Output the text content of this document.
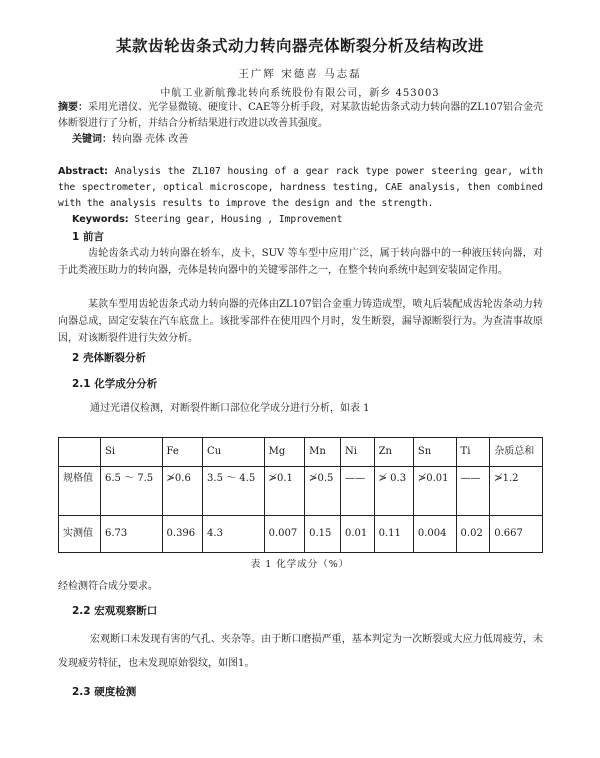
某款齿轮齿条式动力转向器壳体断裂分析及结构改进
王广辉 宋德喜 马志磊
中航工业新航豫北转向系统股份有限公司，新乡 453003
摘要：采用光谱仪、光学显微镜、硬度计、CAE等分析手段，对某款齿轮齿条式动力转向器的ZL107铝合金壳体断裂进行了分析，并结合分析结果进行改进以改善其强度。
关键词：转向器 壳体 改善
Abstract: Analysis the ZL107 housing of a gear rack type power steering gear, with the spectrometer, optical microscope, hardness testing, CAE analysis, then combined with the analysis results to improve the design and the strength.
Keywords: Steering gear, Housing , Improvement
1 前言
齿轮齿条式动力转向器在轿车，皮卡，SUV 等车型中应用广泛，属于转向器中的一种液压转向器，对于此类液压助力的转向器，壳体是转向器中的关键零部件之一，在整个转向系统中起到安装固定作用。
某款车型用齿轮齿条式动力转向器的壳体由ZL107铝合金重力铸造成型，喷丸后装配成齿轮齿条动力转向器总成，固定安装在汽车底盘上。该批零部件在使用四个月时，发生断裂，漏导源断裂行为。为查清事故原因，对该断裂件进行失效分析。
2 壳体断裂分析
2.1 化学成分分析
通过光谱仪检测，对断裂件断口部位化学成分进行分析，如表 1
	Si	Fe	Cu	Mg	Mn	Ni	Zn	Sn	Ti	杂质总和
规格值	6.5 ～ 7.5	≯0.6	3.5 ～ 4.5	≯0.1	≯0.5	——	≯ 0.3	≯0.01	——	≯1.2
实测值	6.73	0.396	4.3	0.007	0.15	0.01	0.11	0.004	0.02	0.667
表 1 化学成分（%）
经检测符合成分要求。
2.2 宏观观察断口
宏观断口未发现有害的气孔、夹杂等。由于断口磨损严重，基本判定为一次断裂或大应力低周疲劳，未发现疲劳特征，也未发现原始裂纹，如图1。
2.3 硬度检测
